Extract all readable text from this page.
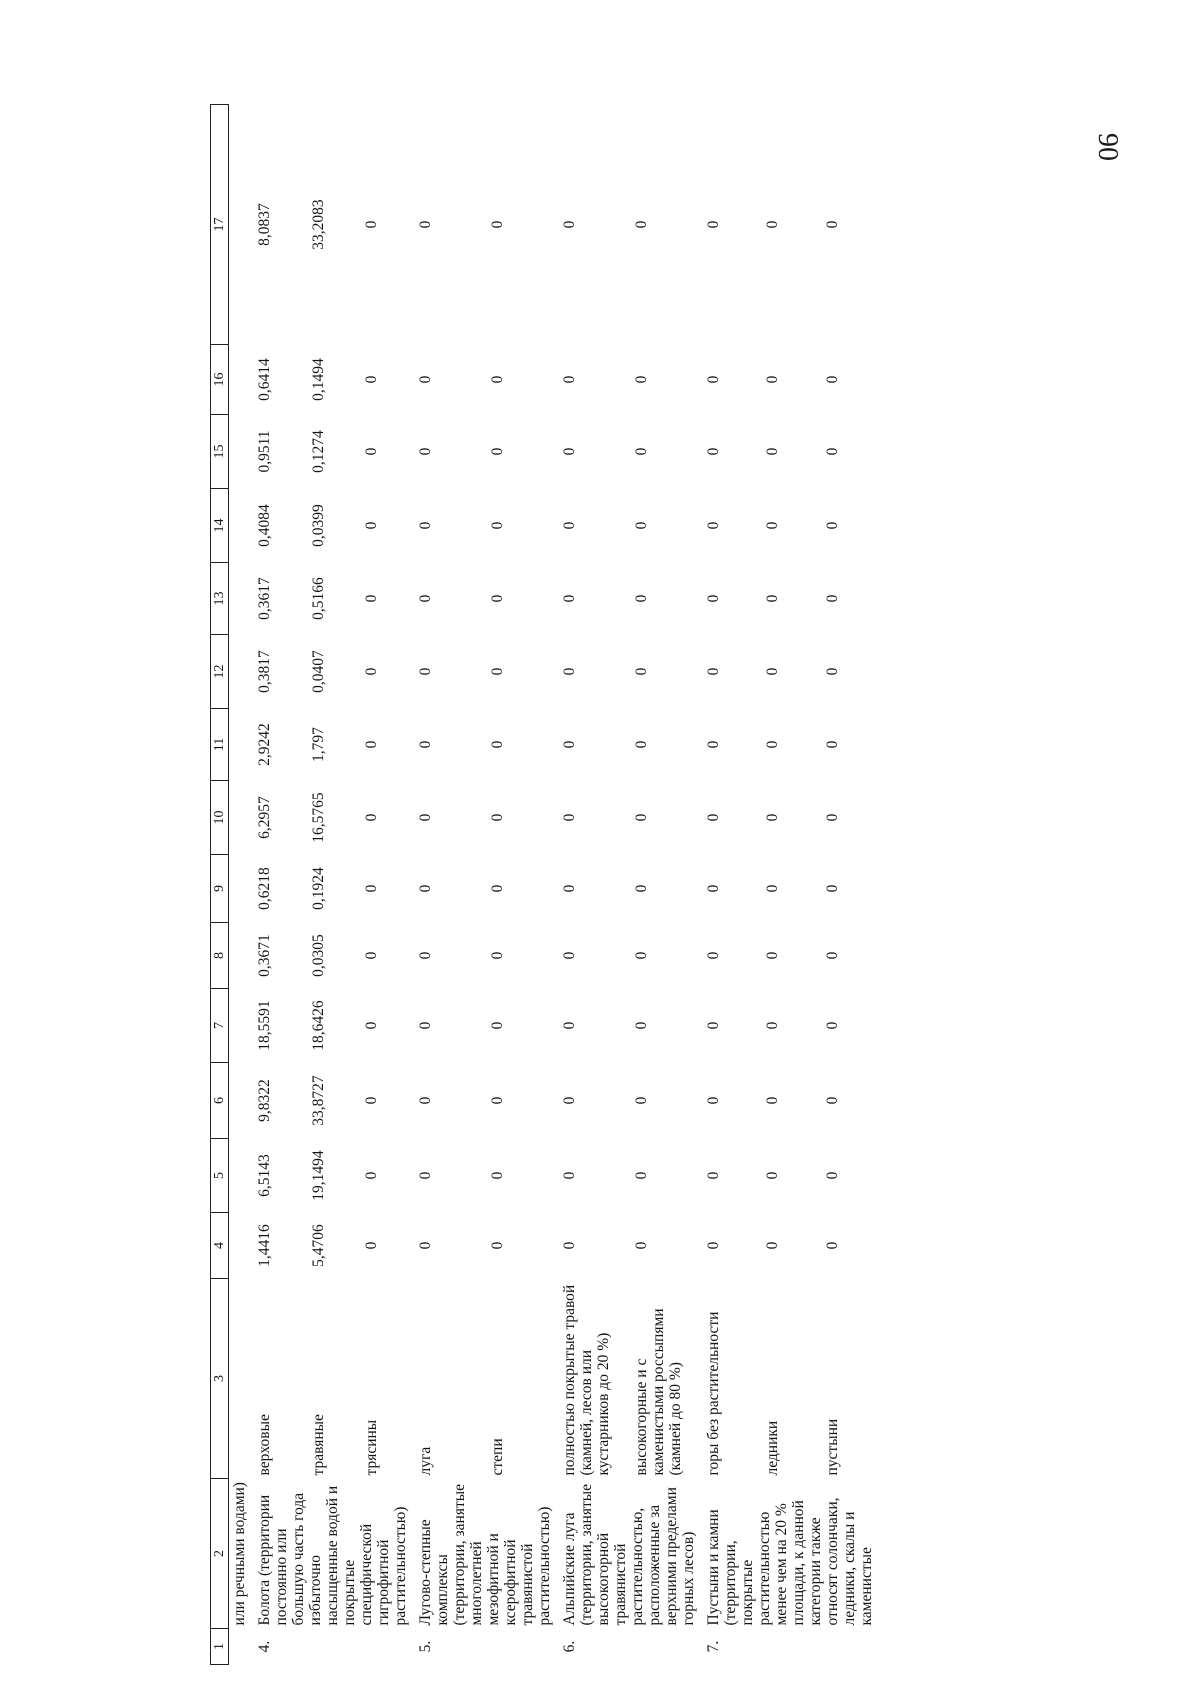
90
1	2	3	4	5	6	7	8	9	10	11	12	13	14	15	16	17
	или речными водами)															
4.	Болота (территории постоянно или большую часть года избыточно насыщенные водой и покрытые специфической гигрофитной растительностью)	верховые	1,4416	6,5143	9,8322	18,5591	0,3671	0,6218	6,2957	2,9242	0,3817	0,3617	0,4084	0,9511	0,6414	8,0837
		травяные	5,4706	19,1494	33,8727	18,6426	0,0305	0,1924	16,5765	1,797	0,0407	0,5166	0,0399	0,1274	0,1494	33,2083
		трясины	0	0	0	0	0	0	0	0	0	0	0	0	0	0
5.	Лугово-степные комплексы (территории, занятые многолетней мезофитной и ксерофитной травянистой растительностью)	луга	0	0	0	0	0	0	0	0	0	0	0	0	0	0
		степи	0	0	0	0	0	0	0	0	0	0	0	0	0	0
6.	Альпийские луга (территории, занятые высокогорной травянистой растительностью, расположенные за верхними пределами горных лесов)	полностью покрытые травой (камней, лесов или кустарников до 20 %)	0	0	0	0	0	0	0	0	0	0	0	0	0	0
		высокогорные и с каменистыми россыпями (камней до 80 %)	0	0	0	0	0	0	0	0	0	0	0	0	0	0
7.	Пустыни и камни (территории, покрытые растительностью менее чем на 20 % площади, к данной категории также относят солончаки, ледники, скалы и каменистые	горы без растительности	0	0	0	0	0	0	0	0	0	0	0	0	0	0
		ледники	0	0	0	0	0	0	0	0	0	0	0	0	0	0
		пустыни	0	0	0	0	0	0	0	0	0	0	0	0	0	0
